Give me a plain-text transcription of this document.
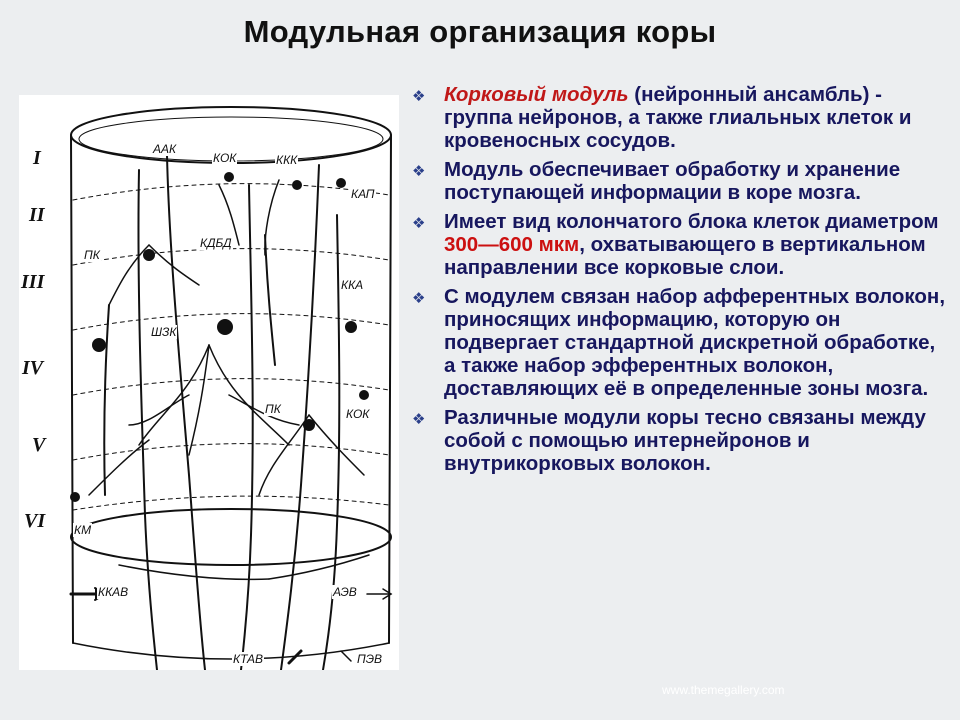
Модульная организация коры
I
II
III
IV
V
VI
ААК
КОК	ККК
КАП
ПК
КДБД
ККА
ШЗК
ПК	КОК
КМ
ККАВ	АЭВ
КТАВ	ПЭВ
❖ Корковый модуль (нейронный ансамбль) - группа нейронов, а также глиальных клеток и кровеносных сосудов.
❖ Модуль обеспечивает обработку и хранение поступающей информации в коре мозга.
❖ Имеет вид колончатого блока клеток диаметром 300—600 мкм, охватывающего в вертикальном направлении все корковые слои.
❖ С модулем связан набор афферентных волокон, приносящих информацию, которую он подвергает стандартной дискретной обработке, а также набор эфферентных волокон, доставляющих её в определенные зоны мозга.
❖ Различные модули коры тесно связаны между собой с помощью интернейронов и внутрикорковых волокон.
www.themegallery.com
